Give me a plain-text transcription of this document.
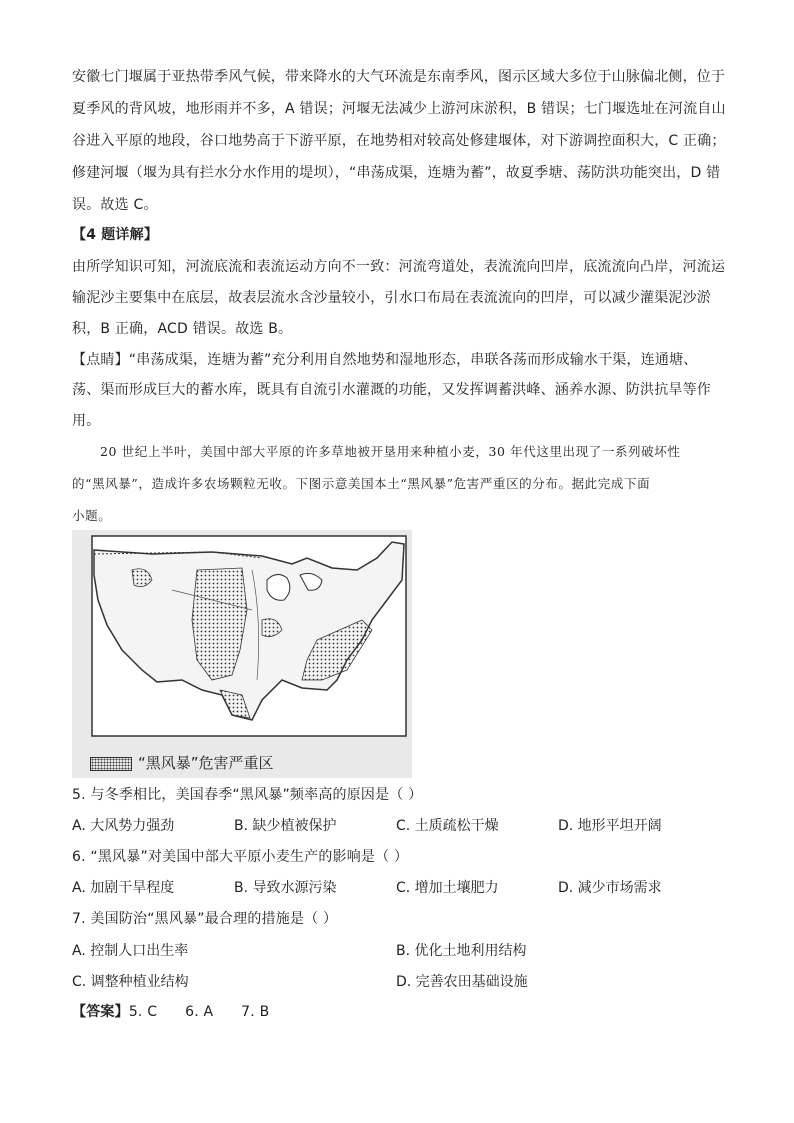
安徽七门堰属于亚热带季风气候，带来降水的大气环流是东南季风，图示区域大多位于山脉偏北侧，位于
夏季风的背风坡，地形雨并不多，A 错误；河堰无法减少上游河床淤积，B 错误；七门堰选址在河流自山
谷进入平原的地段，谷口地势高于下游平原，在地势相对较高处修建堰体，对下游调控面积大，C 正确；
修建河堰（堰为具有拦水分水作用的堤坝），“串荡成渠，连塘为蓄”，故夏季塘、荡防洪功能突出，D 错
误。故选 C。
【4 题详解】
由所学知识可知，河流底流和表流运动方向不一致：河流弯道处，表流流向凹岸，底流流向凸岸，河流运
输泥沙主要集中在底层，故表层流水含沙量较小，引水口布局在表流流向的凹岸，可以减少灌渠泥沙淤
积，B 正确，ACD 错误。故选 B。
【点睛】“串荡成渠，连塘为蓄”充分利用自然地势和湿地形态，串联各荡而形成输水干渠，连通塘、
荡、渠而形成巨大的蓄水库，既具有自流引水灌溉的功能，又发挥调蓄洪峰、涵养水源、防洪抗旱等作
用。
20 世纪上半叶，美国中部大平原的许多草地被开垦用来种植小麦，30 年代这里出现了一系列破坏性
的“黑风暴”，造成许多农场颗粒无收。下图示意美国本土“黑风暴”危害严重区的分布。据此完成下面
小题。
“黑风暴”危害严重区
5. 与冬季相比，美国春季“黑风暴”频率高的原因是（ ）
A. 大风势力强劲	B. 缺少植被保护	C. 土质疏松干燥	D. 地形平坦开阔
6. “黑风暴”对美国中部大平原小麦生产的影响是（ ）
A. 加剧干旱程度	B. 导致水源污染	C. 增加土壤肥力	D. 减少市场需求
7. 美国防治“黑风暴”最合理的措施是（ ）
A. 控制人口出生率	B. 优化土地利用结构
C. 调整种植业结构	D. 完善农田基础设施
【答案】5. C      6. A      7. B
